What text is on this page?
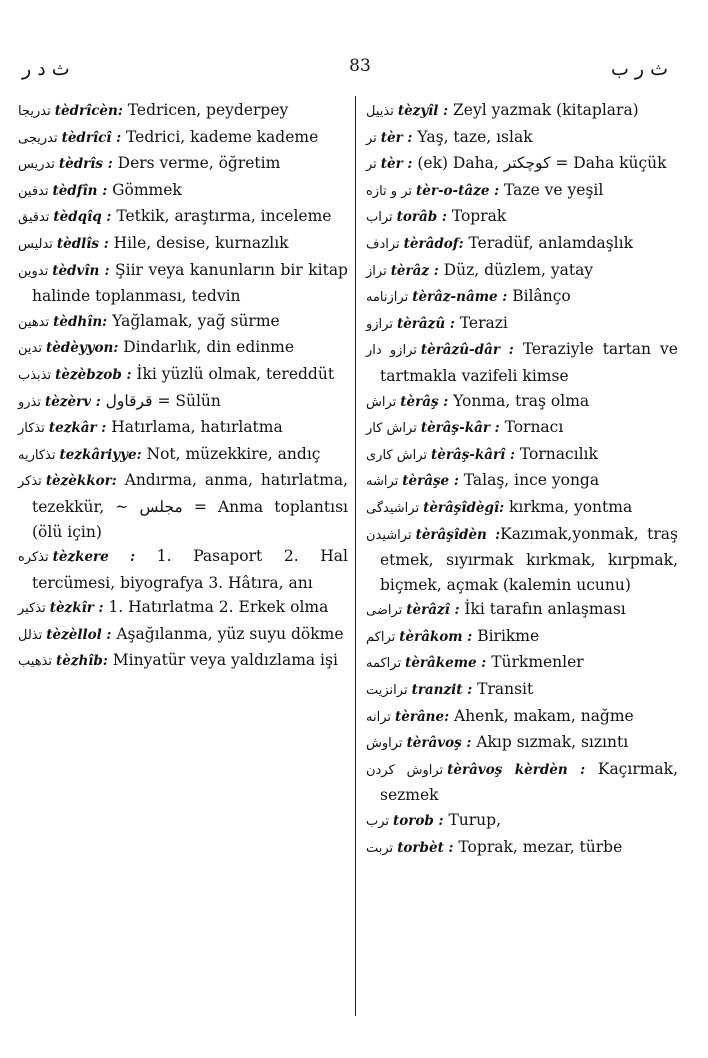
ث د ر	83	ث ر ب

تدريجا tèdrîcèn: Tedricen, peyderpey

تدريجى tèdrîcî : Tedrici, kademe kademe

تدريس tèdrîs : Ders verme, öğretim

تدفين tèdfîn : Gömmek

تدقيق tèdqîq : Tetkik, araştırma, inceleme

تدليس tèdlîs : Hile, desise, kurnazlık

تدوين tèdvîn : Şiir veya kanunların bir kitap halinde toplanması, tedvin

تدهين tèdhîn: Yağlamak, yağ sürme

تدين tèdèyyon: Dindarlık, din edinme

تذبذب tèzèbzob : İki yüzlü olmak, tereddüt

تذرو tèzèrv : قرقاول = Sülün

تذكار tezkâr : Hatırlama, hatırlatma

تذكاريه tezkâriyye: Not, müzekkire, andıç

تذكر tèzèkkor: Andırma, anma, hatırlatma, tezekkür, ~ مجلس = Anma toplantısı (ölü için)

تذكره tèzkere : 1. Pasaport 2. Hal tercümesi, biyografya 3. Hâtıra, anı

تذكير tèzkîr : 1. Hatırlatma 2. Erkek olma

تذلل tèzèllol : Aşağılanma, yüz suyu dökme

تذهيب tèzhîb: Minyatür veya yaldızlama işi

تذييل tèzyîl : Zeyl yazmak (kitaplara)

تر tèr : Yaş, taze, ıslak

تر tèr : (ek) Daha, كوچكتر = Daha küçük

تر و تازه tèr-o-tâze : Taze ve yeşil

تراب torâb : Toprak

ترادف tèrâdof: Teradüf, anlamdaşlık

تراز tèrâz : Düz, düzlem, yatay

ترازنامه tèrâz-nâme : Bilânço

ترازو tèrâzû : Terazi

ترازو دار tèrâzû-dâr : Teraziyle tartan ve tartmakla vazifeli kimse

تراش tèrâş : Yonma, traş olma

تراش كار tèrâş-kâr : Tornacı

تراش كارى tèrâş-kârî : Tornacılık

تراشه tèrâşe : Talaş, ince yonga

تراشيدگى tèrâşîdègî: kırkma, yontma

تراشيدن tèrâşîdèn :Kazımak,yonmak, traş etmek, sıyırmak kırkmak, kırpmak, biçmek, açmak (kalemin ucunu)

تراضى tèrâzî : İki tarafın anlaşması

تراكم tèrâkom : Birikme

تراكمه tèrâkeme : Türkmenler

ترانزيت tranzit : Transit

ترانه tèrâne: Ahenk, makam, nağme

تراوش tèrâvoş : Akıp sızmak, sızıntı

تراوش كردن tèrâvoş kèrdèn : Kaçırmak, sezmek

ترب torob : Turup,

تربت torbèt : Toprak, mezar, türbe
